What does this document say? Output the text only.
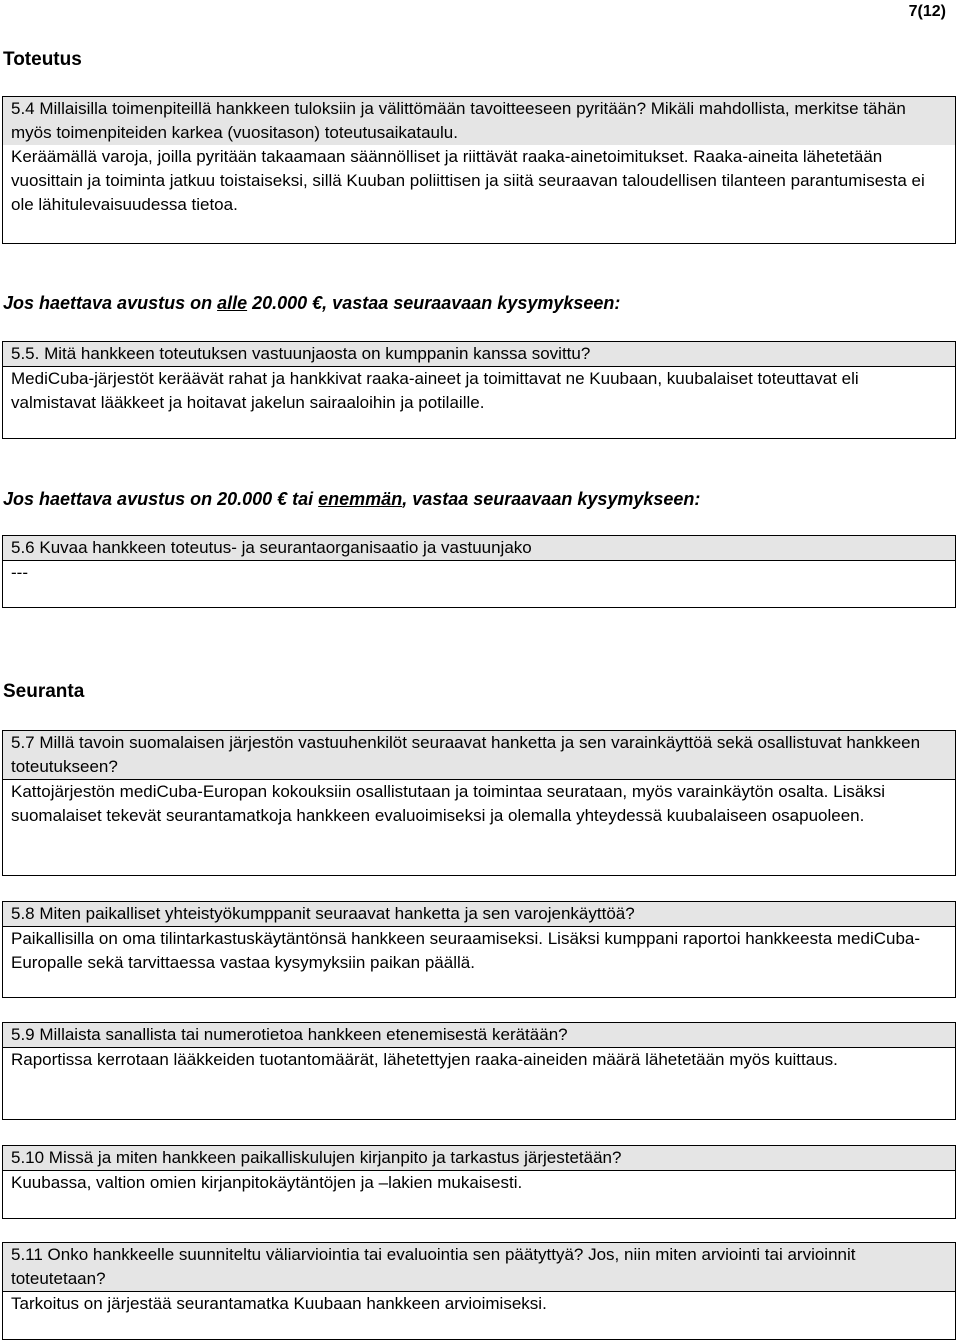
7(12)
Toteutus
5.4 Millaisilla toimenpiteillä hankkeen tuloksiin ja välittömään tavoitteeseen pyritään? Mikäli mahdollista, merkitse tähän myös toimenpiteiden karkea (vuositason) toteutusaikataulu.
Keräämällä varoja, joilla pyritään takaamaan säännölliset ja riittävät raaka-ainetoimitukset. Raaka-aineita lähetetään vuosittain ja toiminta jatkuu toistaiseksi, sillä Kuuban poliittisen ja siitä seuraavan taloudellisen tilanteen parantumisesta ei ole lähitulevaisuudessa tietoa.
Jos haettava avustus on alle 20.000 €, vastaa seuraavaan kysymykseen:
5.5. Mitä hankkeen toteutuksen vastuunjaosta on kumppanin kanssa sovittu?
MediCuba-järjestöt keräävät rahat ja hankkivat raaka-aineet ja toimittavat ne Kuubaan, kuubalaiset toteuttavat eli valmistavat lääkkeet ja hoitavat jakelun sairaaloihin ja potilaille.
Jos haettava avustus on 20.000 € tai enemmän, vastaa seuraavaan kysymykseen:
5.6 Kuvaa hankkeen toteutus- ja seurantaorganisaatio ja vastuunjako
---
Seuranta
5.7 Millä tavoin suomalaisen järjestön vastuuhenkilöt seuraavat hanketta ja sen varainkäyttöä sekä osallistuvat hankkeen toteutukseen?
Kattojärjestön mediCuba-Europan kokouksiin osallistutaan ja toimintaa seurataan, myös varainkäytön osalta. Lisäksi suomalaiset tekevät seurantamatkoja hankkeen evaluoimiseksi ja olemalla yhteydessä kuubalaiseen osapuoleen.
5.8 Miten paikalliset yhteistyökumppanit seuraavat hanketta ja sen varojenkäyttöä?
Paikallisilla on oma tilintarkastuskäytäntönsä hankkeen seuraamiseksi. Lisäksi kumppani raportoi hankkeesta mediCuba-Europalle sekä tarvittaessa vastaa kysymyksiin paikan päällä.
5.9 Millaista sanallista tai numerotietoa hankkeen etenemisestä kerätään?
Raportissa kerrotaan lääkkeiden tuotantomäärät, lähetettyjen raaka-aineiden määrä lähetetään myös kuittaus.
5.10 Missä ja miten hankkeen paikalliskulujen kirjanpito ja tarkastus järjestetään?
Kuubassa, valtion omien kirjanpitokäytäntöjen ja –lakien mukaisesti.
5.11 Onko hankkeelle suunniteltu väliarviointia tai evaluointia sen päätyttyä? Jos, niin miten arviointi tai arvioinnit toteutetaan?
Tarkoitus on järjestää seurantamatka Kuubaan hankkeen arvioimiseksi.
